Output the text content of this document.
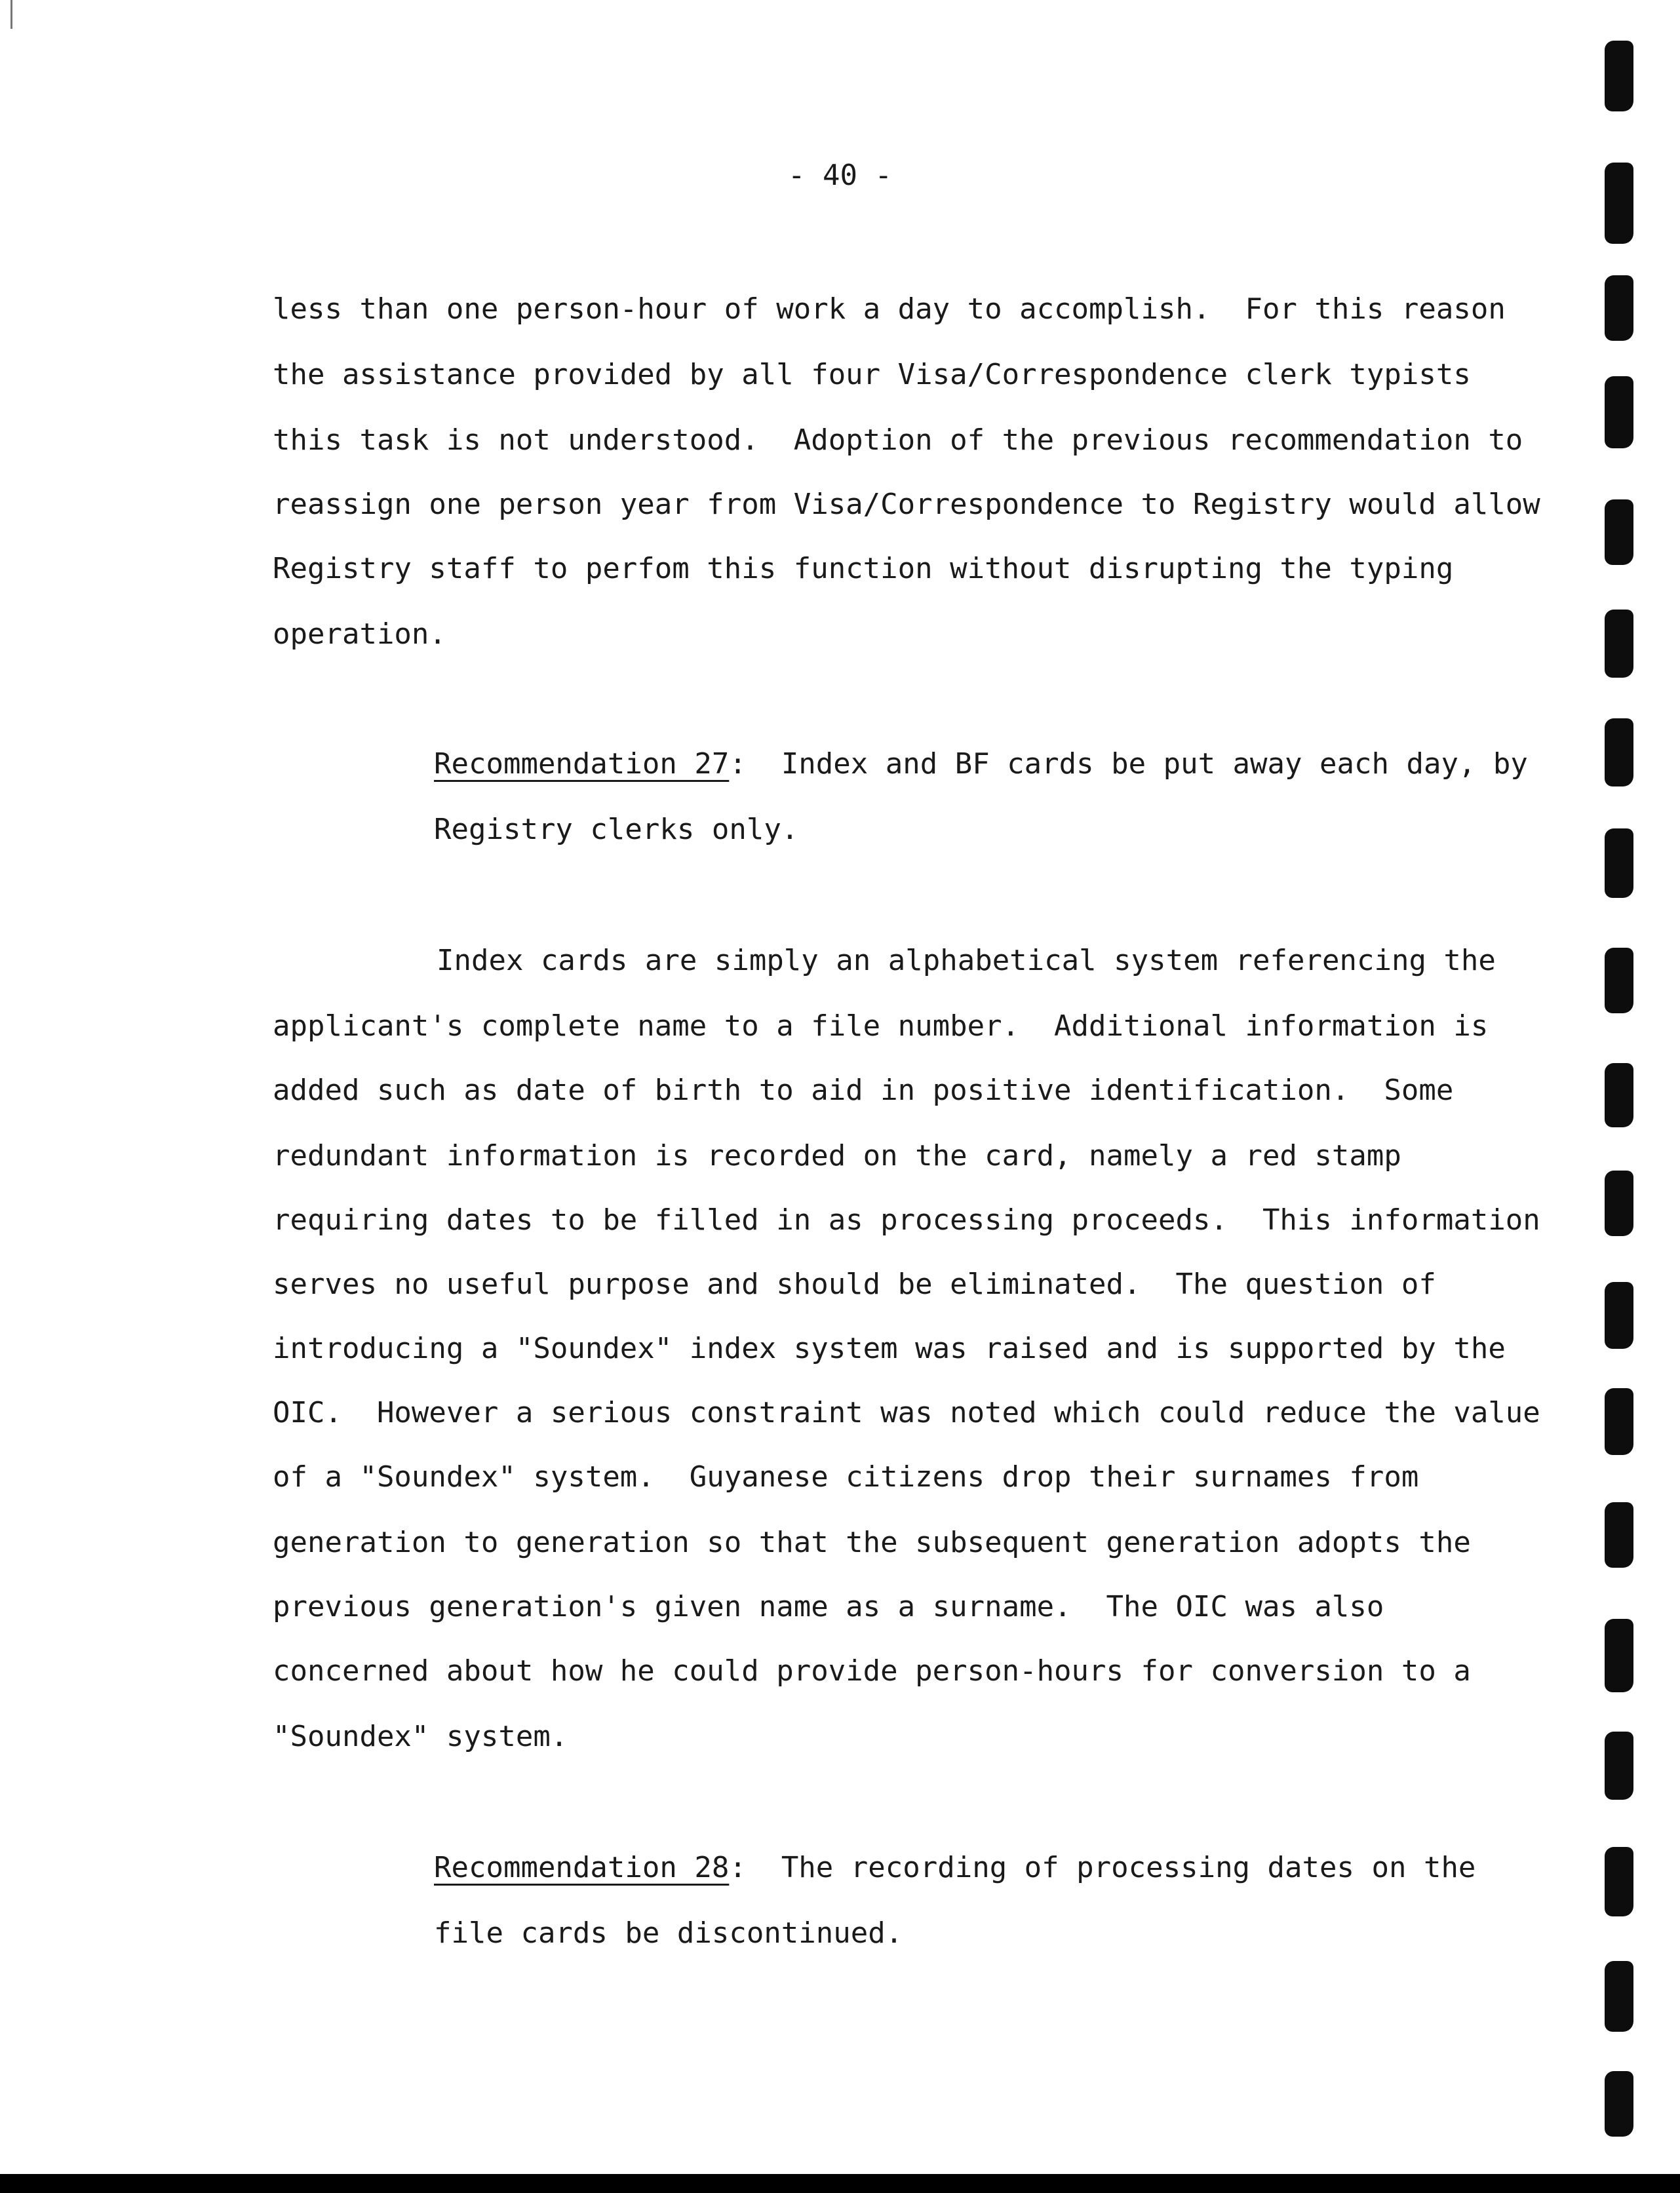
- 40 -
less than one person-hour of work a day to accomplish.  For this reason
the assistance provided by all four Visa/Correspondence clerk typists
this task is not understood.  Adoption of the previous recommendation to
reassign one person year from Visa/Correspondence to Registry would allow
Registry staff to perfom this function without disrupting the typing
operation.
Recommendation 27:  Index and BF cards be put away each day, by
Registry clerks only.
Index cards are simply an alphabetical system referencing the
applicant's complete name to a file number.  Additional information is
added such as date of birth to aid in positive identification.  Some
redundant information is recorded on the card, namely a red stamp
requiring dates to be filled in as processing proceeds.  This information
serves no useful purpose and should be eliminated.  The question of
introducing a "Soundex" index system was raised and is supported by the
OIC.  However a serious constraint was noted which could reduce the value
of a "Soundex" system.  Guyanese citizens drop their surnames from
generation to generation so that the subsequent generation adopts the
previous generation's given name as a surname.  The OIC was also
concerned about how he could provide person-hours for conversion to a
"Soundex" system.
Recommendation 28:  The recording of processing dates on the
file cards be discontinued.
